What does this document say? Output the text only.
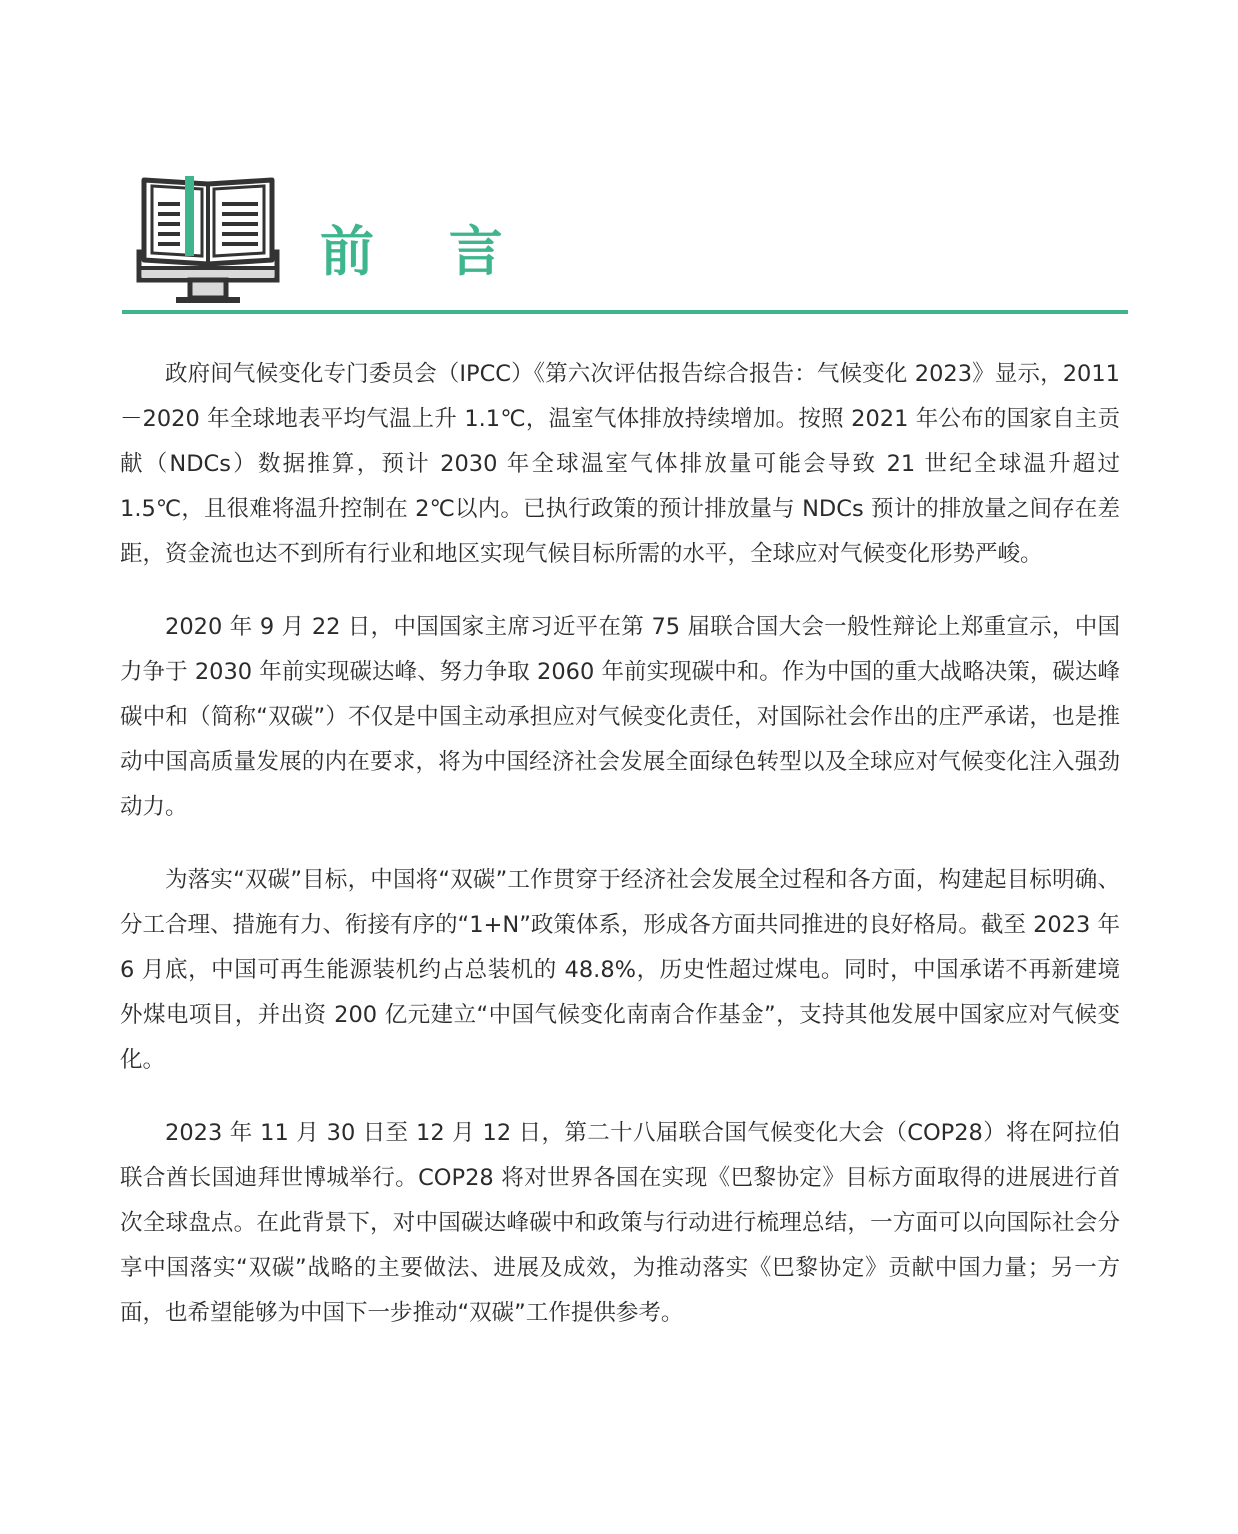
前 言

政府间气候变化专门委员会（IPCC）《第六次评估报告综合报告：气候变化 2023》显示，2011－2020 年全球地表平均气温上升 1.1℃，温室气体排放持续增加。按照 2021 年公布的国家自主贡献（NDCs）数据推算，预计 2030 年全球温室气体排放量可能会导致 21 世纪全球温升超过 1.5℃，且很难将温升控制在 2℃以内。已执行政策的预计排放量与 NDCs 预计的排放量之间存在差距，资金流也达不到所有行业和地区实现气候目标所需的水平，全球应对气候变化形势严峻。

2020 年 9 月 22 日，中国国家主席习近平在第 75 届联合国大会一般性辩论上郑重宣示，中国力争于 2030 年前实现碳达峰、努力争取 2060 年前实现碳中和。作为中国的重大战略决策，碳达峰碳中和（简称“双碳”）不仅是中国主动承担应对气候变化责任，对国际社会作出的庄严承诺，也是推动中国高质量发展的内在要求，将为中国经济社会发展全面绿色转型以及全球应对气候变化注入强劲动力。

为落实“双碳”目标，中国将“双碳”工作贯穿于经济社会发展全过程和各方面，构建起目标明确、分工合理、措施有力、衔接有序的“1+N”政策体系，形成各方面共同推进的良好格局。截至 2023 年 6 月底，中国可再生能源装机约占总装机的 48.8%，历史性超过煤电。同时，中国承诺不再新建境外煤电项目，并出资 200 亿元建立“中国气候变化南南合作基金”，支持其他发展中国家应对气候变化。

2023 年 11 月 30 日至 12 月 12 日，第二十八届联合国气候变化大会（COP28）将在阿拉伯联合酋长国迪拜世博城举行。COP28 将对世界各国在实现《巴黎协定》目标方面取得的进展进行首次全球盘点。在此背景下，对中国碳达峰碳中和政策与行动进行梳理总结，一方面可以向国际社会分享中国落实“双碳”战略的主要做法、进展及成效，为推动落实《巴黎协定》贡献中国力量；另一方面，也希望能够为中国下一步推动“双碳”工作提供参考。
